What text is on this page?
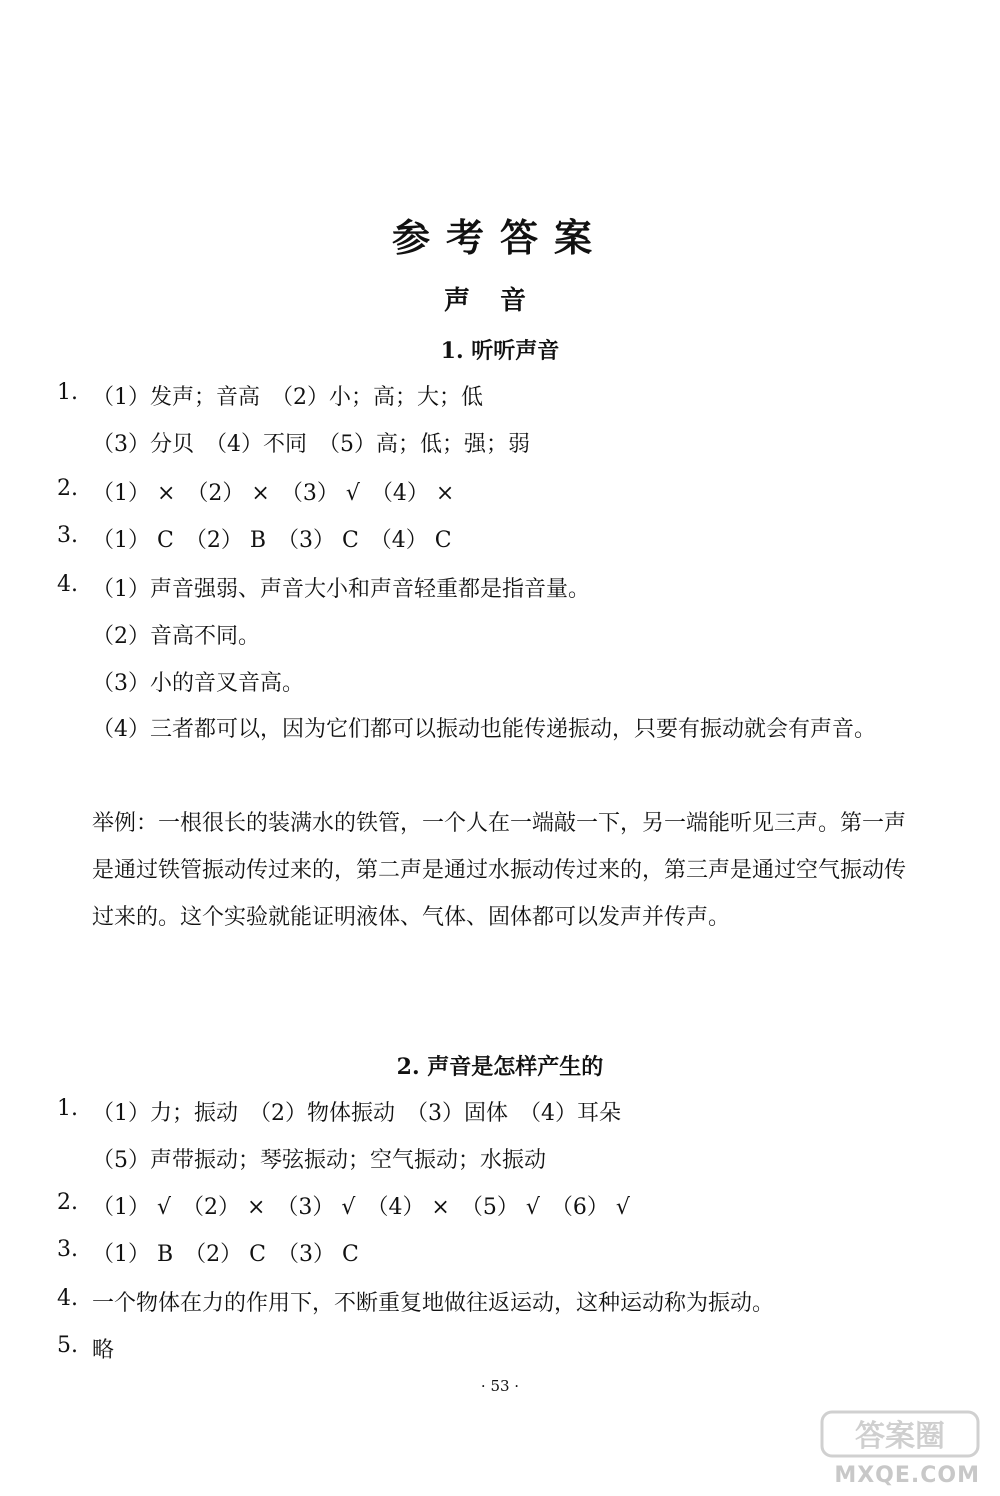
参考答案
声音
1. 听听声音
1. （1）发声；音高　（2）小；高；大；低
（3）分贝　（4）不同　（5）高；低；强；弱
2. （1） ×　（2） ×　（3） √　（4） ×
3. （1） C　（2） B　（3） C　（4） C
4. （1）声音强弱、声音大小和声音轻重都是指音量。
（2）音高不同。
（3）小的音叉音高。
（4）三者都可以，因为它们都可以振动也能传递振动，只要有振动就会有声音。
举例：一根很长的装满水的铁管，一个人在一端敲一下，另一端能听见三声。第一声是通过铁管振动传过来的，第二声是通过水振动传过来的，第三声是通过空气振动传过来的。这个实验就能证明液体、气体、固体都可以发声并传声。
2. 声音是怎样产生的
1. （1）力；振动　（2）物体振动　（3）固体　（4）耳朵
（5）声带振动；琴弦振动；空气振动；水振动
2. （1） √　（2） ×　（3） √　（4） ×　（5） √　（6） √
3. （1） B　（2） C　（3） C
4. 一个物体在力的作用下，不断重复地做往返运动，这种运动称为振动。
5. 略
· 53 ·
答案圈
MXQE.COM
